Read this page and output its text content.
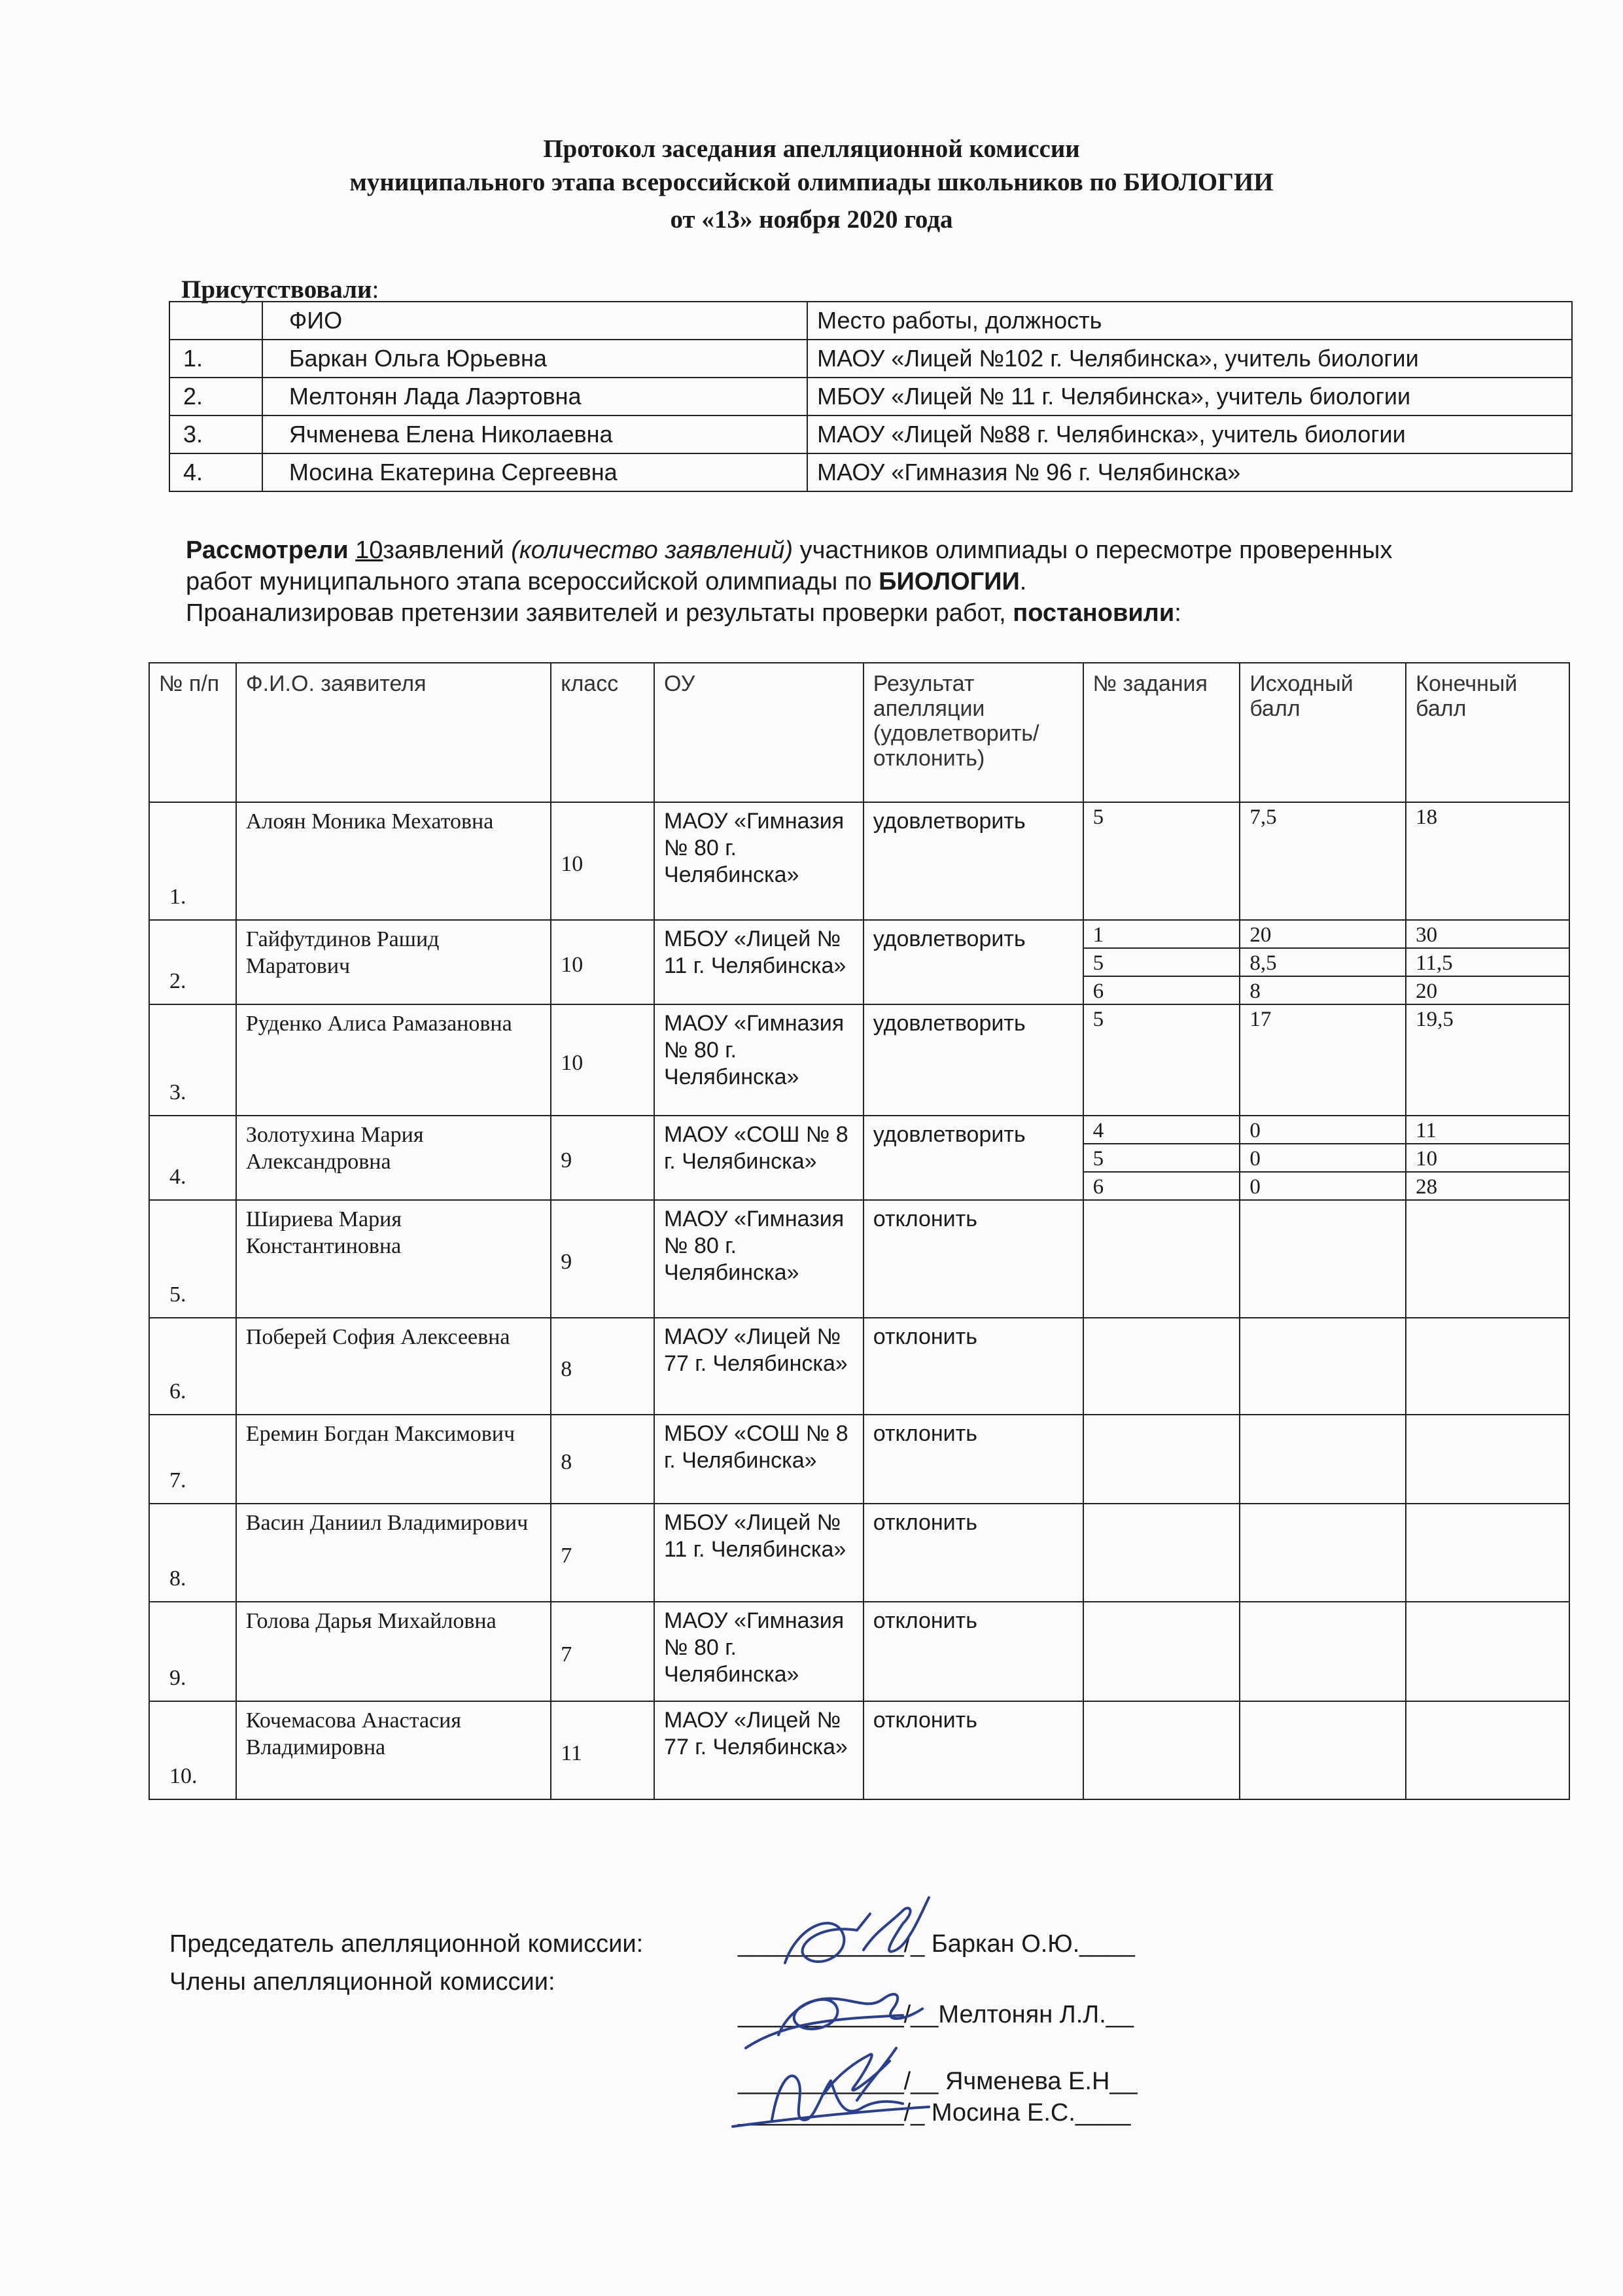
Протокол заседания апелляционной комиссии
муниципального этапа всероссийской олимпиады школьников по БИОЛОГИИ
от «13» ноября 2020 года
Присутствовали:
	ФИО	Место работы, должность
1.	Баркан Ольга Юрьевна	МАОУ «Лицей №102 г. Челябинска», учитель биологии
2.	Мелтонян Лада Лаэртовна	МБОУ «Лицей № 11 г. Челябинска», учитель биологии
3.	Ячменева Елена Николаевна	МАОУ «Лицей №88 г. Челябинска», учитель биологии
4.	Мосина Екатерина Сергеевна	МАОУ «Гимназия № 96 г. Челябинска»
Рассмотрели 10заявлений (количество заявлений) участников олимпиады о пересмотре проверенных
работ муниципального этапа всероссийской олимпиады по БИОЛОГИИ.
Проанализировав претензии заявителей и результаты проверки работ, постановили:
№ п/п	Ф.И.О. заявителя	класс	ОУ	Результат апелляции (удовлетворить/ отклонить)	№ задания	Исходный балл	Конечный балл
1.	Алоян Моника Мехатовна	10	МАОУ «Гимназия № 80 г. Челябинска»	удовлетворить	5	7,5	18
2.	Гайфутдинов Рашид Маратович	10	МБОУ «Лицей № 11 г. Челябинска»	удовлетворить	1	20	30
					5	8,5	11,5
					6	8	20
3.	Руденко Алиса Рамазановна	10	МАОУ «Гимназия № 80 г. Челябинска»	удовлетворить	5	17	19,5
4.	Золотухина Мария Александровна	9	МАОУ «СОШ № 8 г. Челябинска»	удовлетворить	4	0	11
					5	0	10
					6	0	28
5.	Шириева Мария Константиновна	9	МАОУ «Гимназия № 80 г. Челябинска»	отклонить			
6.	Поберей София Алексеевна	8	МАОУ «Лицей № 77 г. Челябинска»	отклонить			
7.	Еремин Богдан Максимович	8	МБОУ «СОШ № 8 г. Челябинска»	отклонить			
8.	Васин Даниил Владимирович	7	МБОУ «Лицей № 11 г. Челябинска»	отклонить			
9.	Голова Дарья Михайловна	7	МАОУ «Гимназия № 80 г. Челябинска»	отклонить			
10.	Кочемасова Анастасия Владимировна	11	МАОУ «Лицей № 77 г. Челябинска»	отклонить			
Председатель апелляционной комиссии:
Члены апелляционной комиссии:
____________/_ Баркан О.Ю.____
____________/__Мелтонян Л.Л.__
____________/__ Ячменева Е.Н__
____________/_ Мосина Е.С.____
